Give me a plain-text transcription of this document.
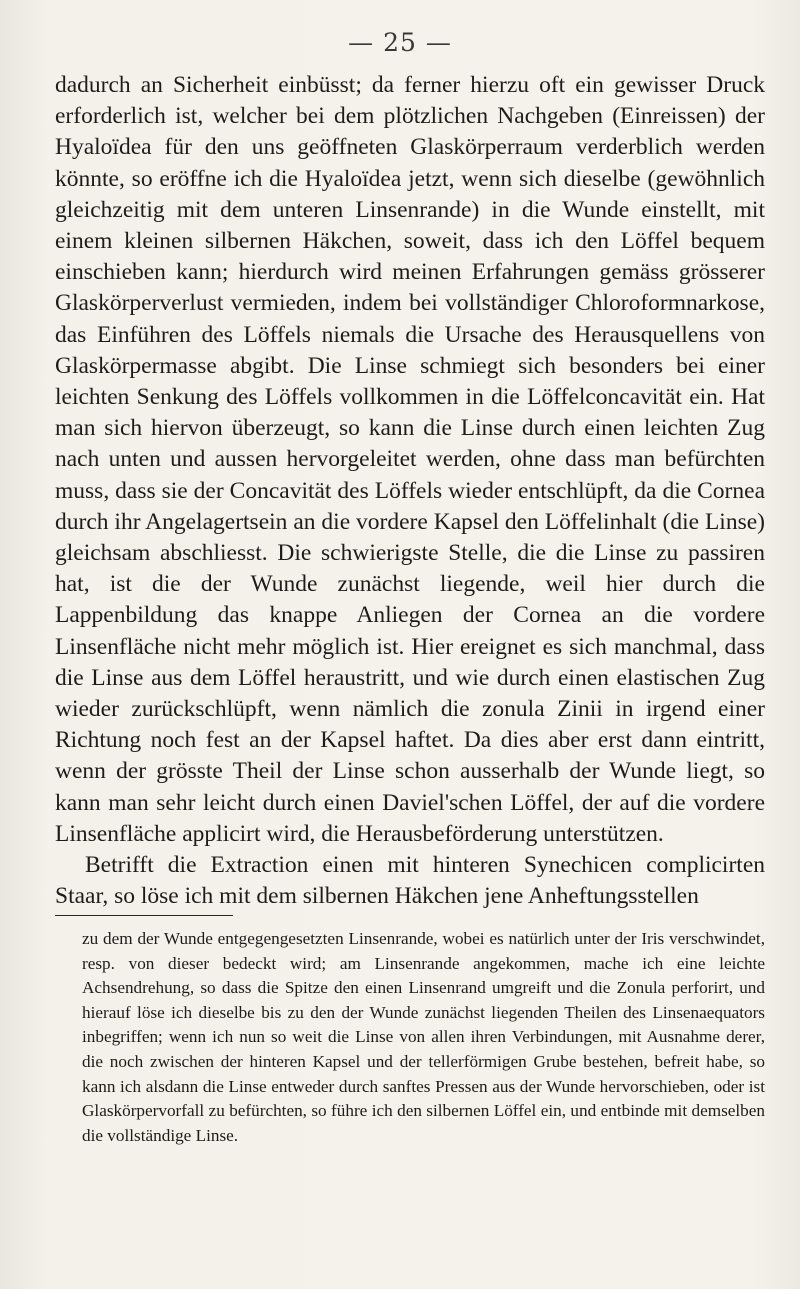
— 25 —

dadurch an Sicherheit einbüsst; da ferner hierzu oft ein gewisser Druck erforderlich ist, welcher bei dem plötzlichen Nachgeben (Einreissen) der Hyaloïdea für den uns geöffneten Glaskörperraum verderblich werden könnte, so eröffne ich die Hyaloïdea jetzt, wenn sich dieselbe (gewöhnlich gleichzeitig mit dem unteren Linsenrande) in die Wunde einstellt, mit einem kleinen silbernen Häkchen, soweit, dass ich den Löffel bequem einschieben kann; hierdurch wird meinen Erfahrungen gemäss grösserer Glaskörperverlust vermieden, indem bei vollständiger Chloroformnarkose, das Einführen des Löffels niemals die Ursache des Herausquellens von Glaskörpermasse abgibt. Die Linse schmiegt sich besonders bei einer leichten Senkung des Löffels vollkommen in die Löffelconcavität ein. Hat man sich hiervon überzeugt, so kann die Linse durch einen leichten Zug nach unten und aussen hervorgeleitet werden, ohne dass man befürchten muss, dass sie der Concavität des Löffels wieder entschlüpft, da die Cornea durch ihr Angelagertsein an die vordere Kapsel den Löffelinhalt (die Linse) gleichsam abschliesst. Die schwierigste Stelle, die die Linse zu passiren hat, ist die der Wunde zunächst liegende, weil hier durch die Lappenbildung das knappe Anliegen der Cornea an die vordere Linsenfläche nicht mehr möglich ist. Hier ereignet es sich manchmal, dass die Linse aus dem Löffel heraustritt, und wie durch einen elastischen Zug wieder zurückschlüpft, wenn nämlich die zonula Zinii in irgend einer Richtung noch fest an der Kapsel haftet. Da dies aber erst dann eintritt, wenn der grösste Theil der Linse schon ausserhalb der Wunde liegt, so kann man sehr leicht durch einen Daviel'schen Löffel, der auf die vordere Linsenfläche applicirt wird, die Herausbeförderung unterstützen.

Betrifft die Extraction einen mit hinteren Synechicen complicirten Staar, so löse ich mit dem silbernen Häkchen jene Anheftungsstellen

zu dem der Wunde entgegengesetzten Linsenrande, wobei es natürlich unter der Iris verschwindet, resp. von dieser bedeckt wird; am Linsenrande angekommen, mache ich eine leichte Achsendrehung, so dass die Spitze den einen Linsenrand umgreift und die Zonula perforirt, und hierauf löse ich dieselbe bis zu den der Wunde zunächst liegenden Theilen des Linsenaequators inbegriffen; wenn ich nun so weit die Linse von allen ihren Verbindungen, mit Ausnahme derer, die noch zwischen der hinteren Kapsel und der tellerförmigen Grube bestehen, befreit habe, so kann ich alsdann die Linse entweder durch sanftes Pressen aus der Wunde hervorschieben, oder ist Glaskörpervorfall zu befürchten, so führe ich den silbernen Löffel ein, und entbinde mit demselben die vollständige Linse.
